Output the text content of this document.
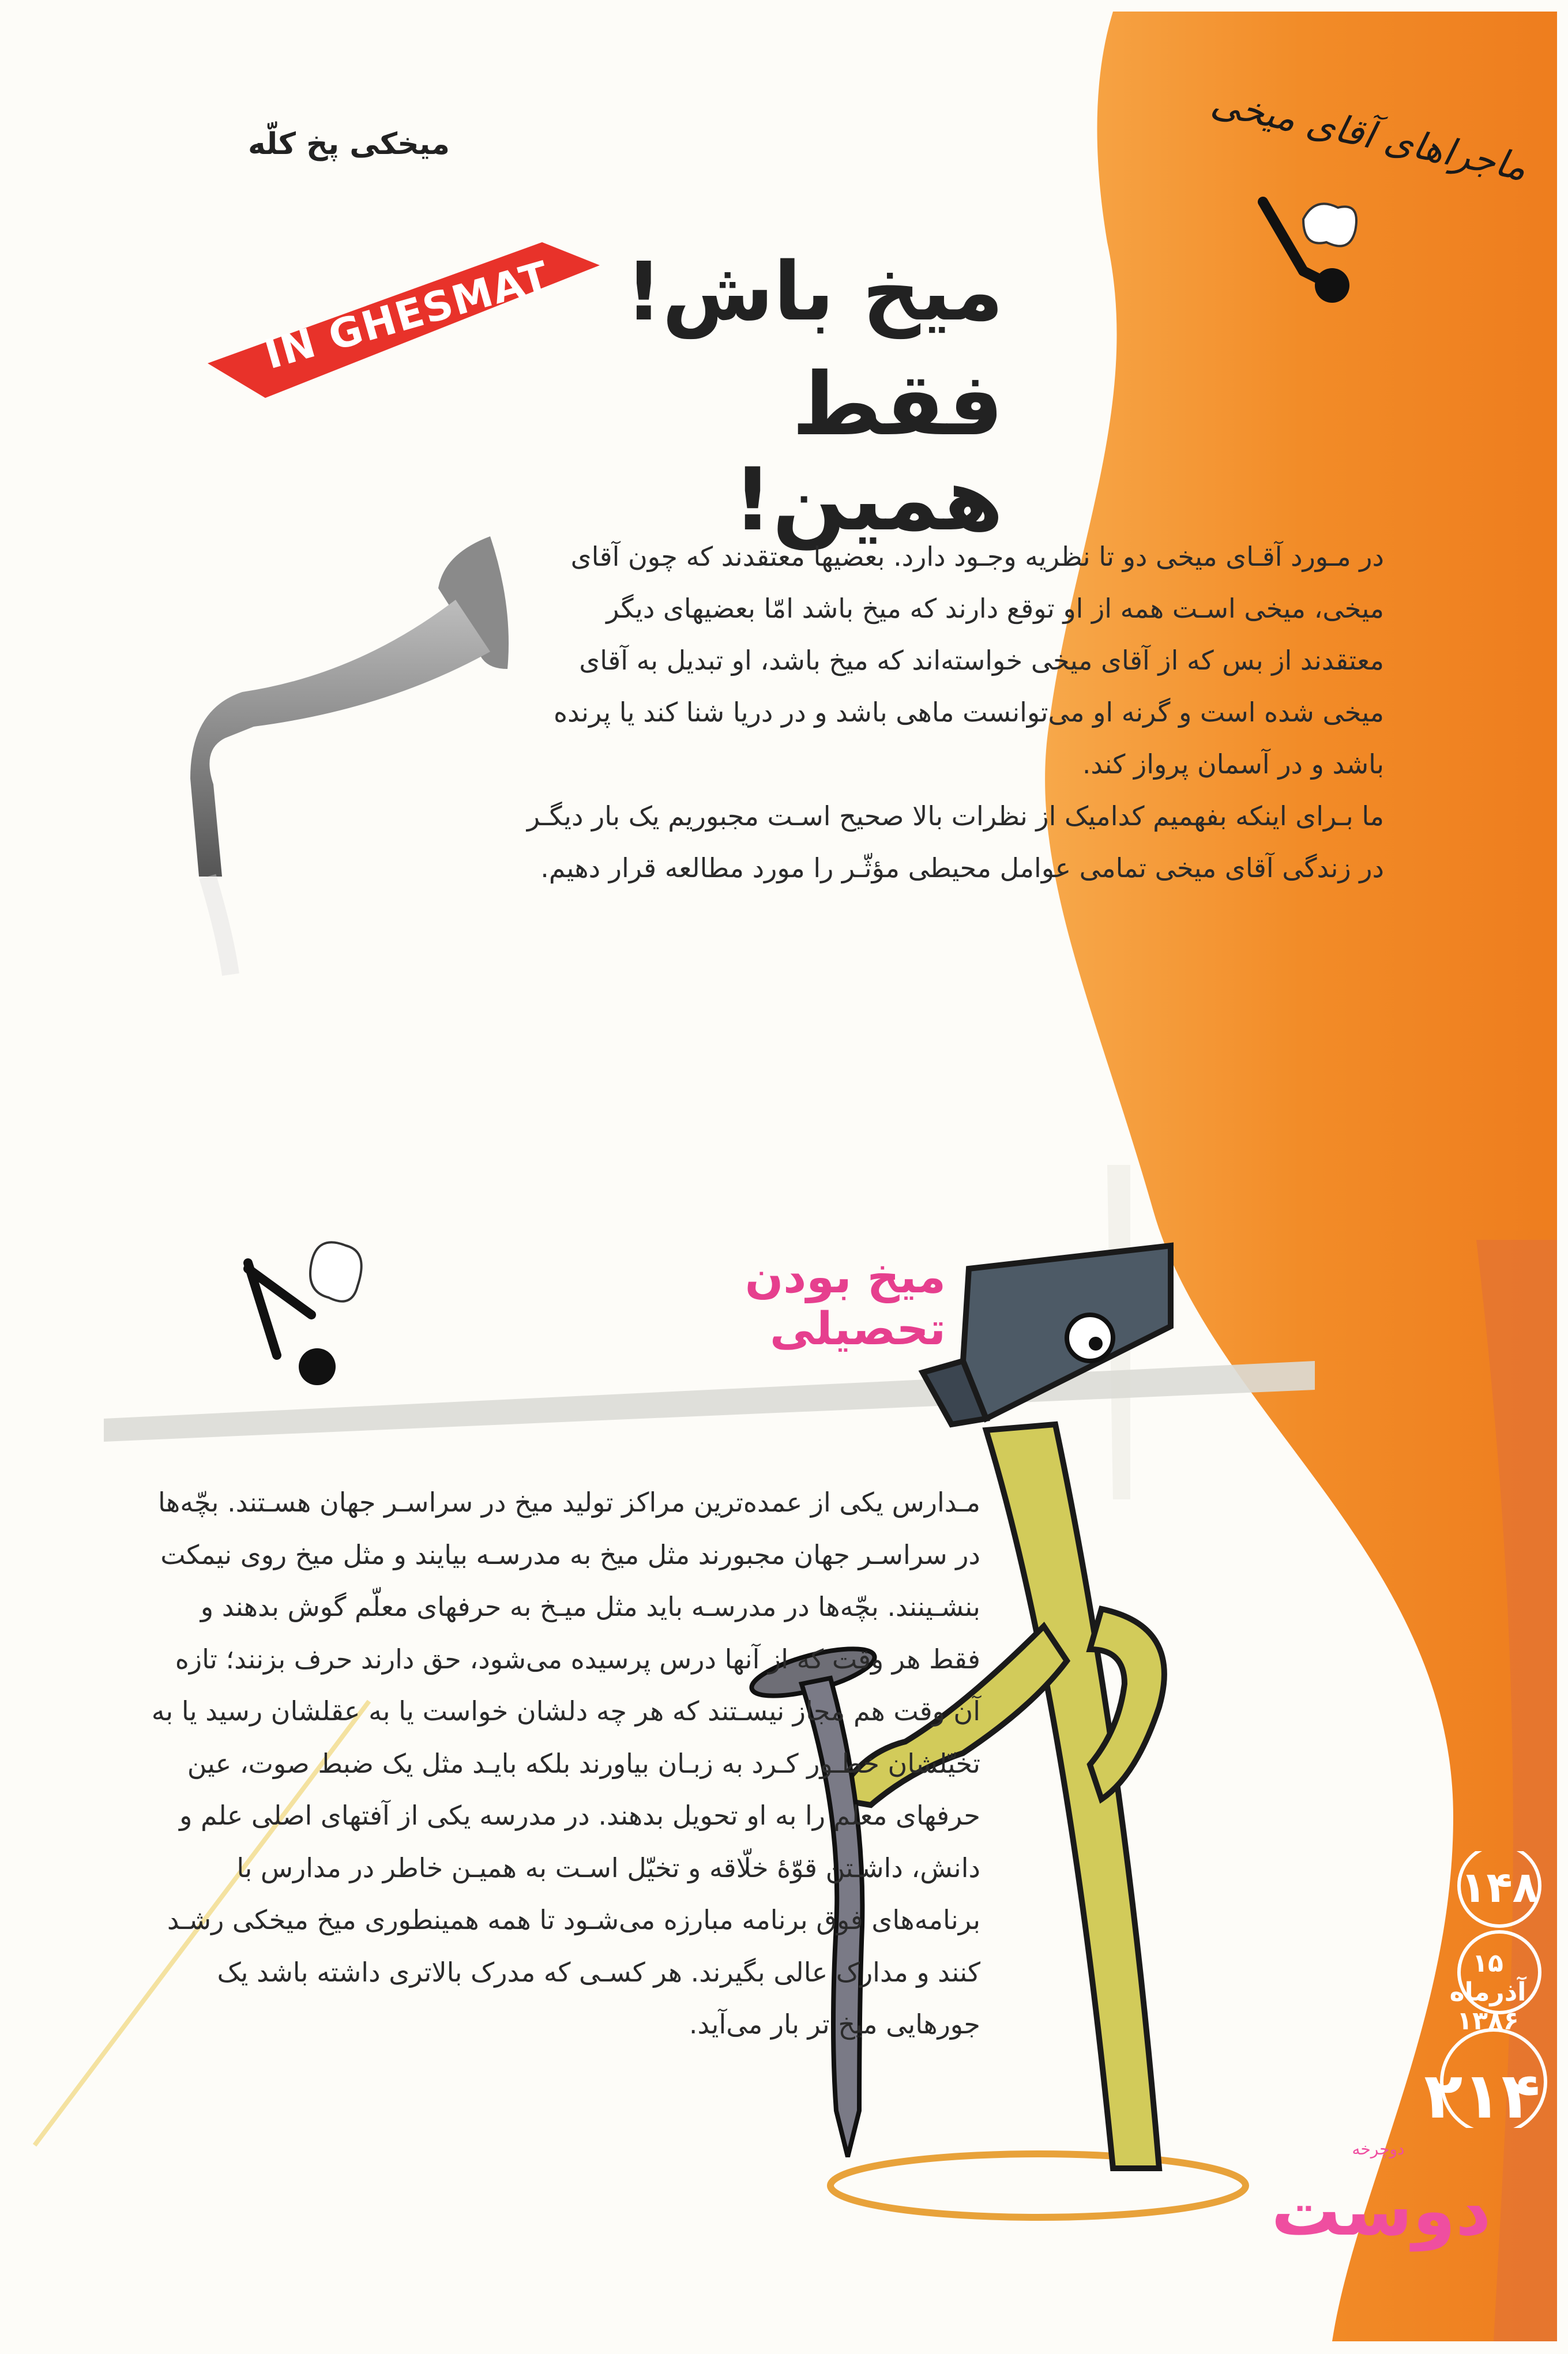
ماجراهای آقای میخی
میخکی پخ کلّه
IN GHESMAT میخ باش!
فقط همین!

در مـورد آقـای میخی دو تا نظریه وجـود دارد. بعضیها معتقدند که چون آقای میخی، میخی اسـت همه از او توقع دارند که میخ باشد امّا بعضیهای دیگر معتقدند از بس که از آقای میخی خواسته‌اند که میخ باشد، او تبدیل به آقای میخی شده است و گرنه او می‌توانست ماهی باشد و در دریا شنا کند یا پرنده باشد و در آسمان پرواز کند.

ما بـرای اینکه بفهمیم کدامیک از نظرات بالا صحیح اسـت مجبوریم یک بار دیگـر در زندگی آقای میخی تمامی عوامل محیطی مؤثّـر را مورد مطالعه قرار دهیم.

میخ بودن تحصیلی

مـدارس یکی از عمده‌ترین مراکز تولید میخ در سراسـر جهان هسـتند. بچّه‌ها در سراسـر جهان مجبورند مثل میخ به مدرسـه بیایند و مثل میخ روی نیمکت بنشـینند. بچّه‌ها در مدرسـه باید مثل میـخ به حرفهای معلّم گوش بدهند و فقط هر وقت که از آنها درس پرسیده می‌شود، حق دارند حرف بزنند؛ تازه آن وقت هم مجاز نیسـتند که هر چه دلشان خواست یا به عقلشان رسید یا به تخیّلشان خطـور کـرد به زبـان بیاورند بلکه بایـد مثل یک ضبط صوت، عین حرفهای معلم را به او تحویل بدهند. در مدرسه یکی از آفتهای اصلی علم و دانش، داشـتن قوّهٔ خلّاقه و تخیّل اسـت به همیـن خاطر در مدارس با برنامه‌های فوق برنامه مبارزه می‌شـود تا همه همینطوری میخ میخکی رشـد کنند و مدارک عالی بگیرند. هر کسـی که مدرک بالاتری داشته باشد یک جورهایی میخ تر بار می‌آید.

۱۴۸
۱۵ آذرماه
۱۳۸۶
۲۱۴
دوچرخه
دوست
